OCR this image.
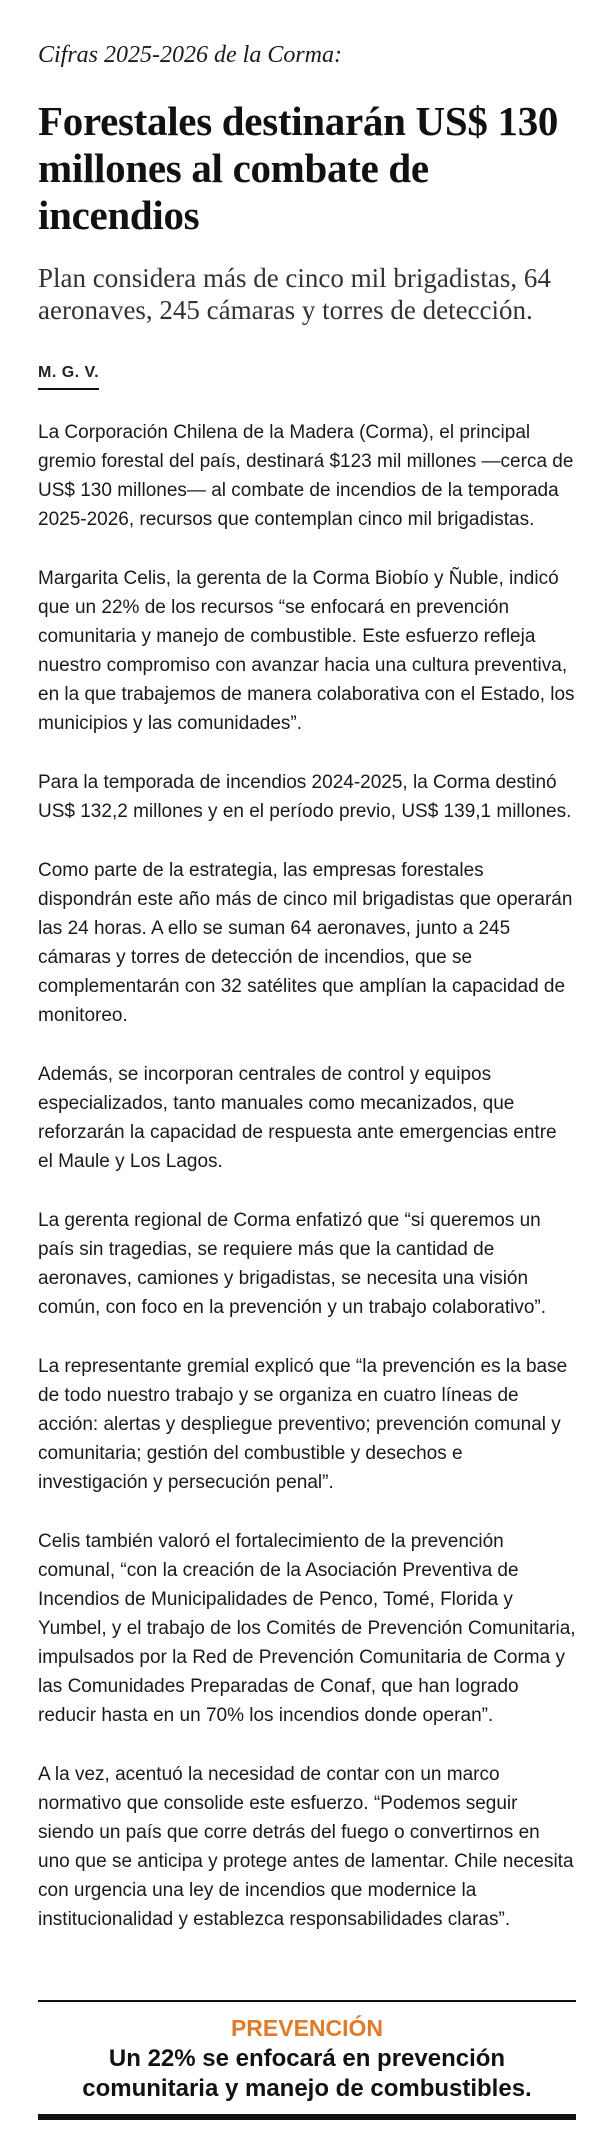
Cifras 2025-2026 de la Corma:

Forestales destinarán US$ 130 millones al combate de incendios

Plan considera más de cinco mil brigadistas, 64 aeronaves, 245 cámaras y torres de detección.

M. G. V.

La Corporación Chilena de la Madera (Corma), el principal gremio forestal del país, destinará $123 mil millones —cerca de US$ 130 millones— al combate de incendios de la temporada 2025-2026, recursos que contemplan cinco mil brigadistas.

Margarita Celis, la gerenta de la Corma Biobío y Ñuble, indicó que un 22% de los recursos “se enfocará en prevención comunitaria y manejo de combustible. Este esfuerzo refleja nuestro compromiso con avanzar hacia una cultura preventiva, en la que trabajemos de manera colaborativa con el Estado, los municipios y las comunidades”.

Para la temporada de incendios 2024-2025, la Corma destinó US$ 132,2 millones y en el período previo, US$ 139,1 millones.

Como parte de la estrategia, las empresas forestales dispondrán este año más de cinco mil brigadistas que operarán las 24 horas. A ello se suman 64 aeronaves, junto a 245 cámaras y torres de detección de incendios, que se complementarán con 32 satélites que amplían la capacidad de monitoreo.

Además, se incorporan centrales de control y equipos especializados, tanto manuales como mecanizados, que reforzarán la capacidad de respuesta ante emergencias entre el Maule y Los Lagos.

La gerenta regional de Corma enfatizó que “si queremos un país sin tragedias, se requiere más que la cantidad de aeronaves, camiones y brigadistas, se necesita una visión común, con foco en la prevención y un trabajo colaborativo”.

La representante gremial explicó que “la prevención es la base de todo nuestro trabajo y se organiza en cuatro líneas de acción: alertas y despliegue preventivo; prevención comunal y comunitaria; gestión del combustible y desechos e investigación y persecución penal”.

Celis también valoró el fortalecimiento de la prevención comunal, “con la creación de la Asociación Preventiva de Incendios de Municipalidades de Penco, Tomé, Florida y Yumbel, y el trabajo de los Comités de Prevención Comunitaria, impulsados por la Red de Prevención Comunitaria de Corma y las Comunidades Preparadas de Conaf, que han logrado reducir hasta en un 70% los incendios donde operan”.

A la vez, acentuó la necesidad de contar con un marco normativo que consolide este esfuerzo. “Podemos seguir siendo un país que corre detrás del fuego o convertirnos en uno que se anticipa y protege antes de lamentar. Chile necesita con urgencia una ley de incendios que modernice la institucionalidad y establezca responsabilidades claras”.

PREVENCIÓN

Un 22% se enfocará en prevención comunitaria y manejo de combustibles.
